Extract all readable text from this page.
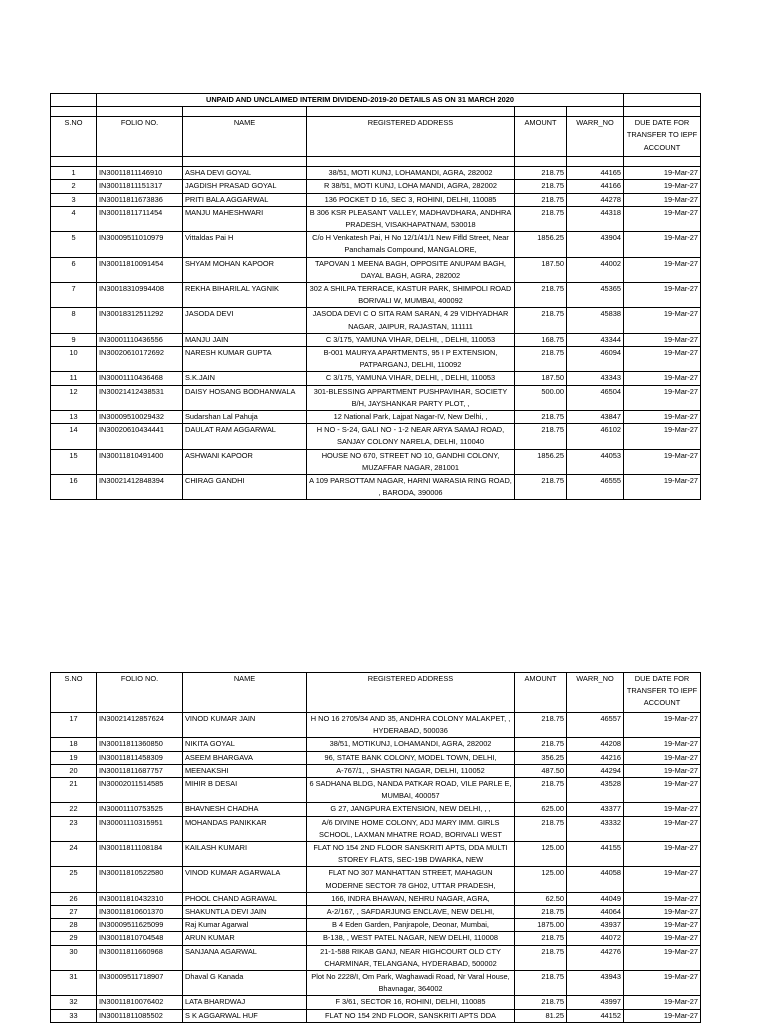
	UNPAID AND UNCLAIMED INTERIM DIVIDEND-2019-20 DETAILS AS ON 31 MARCH 2020					

S.NO	FOLIO NO.	NAME	REGISTERED ADDRESS	AMOUNT	WARR_NO	DUE DATE FOR TRANSFER TO IEPF ACCOUNT

1	IN30011811146910	ASHA DEVI GOYAL	38/51, MOTI KUNJ, LOHAMANDI, AGRA, 282002	218.75	44165	19-Mar-27
2	IN30011811151317	JAGDISH PRASAD GOYAL	R 38/51, MOTI KUNJ, LOHA MANDI, AGRA, 282002	218.75	44166	19-Mar-27
3	IN30011811673836	PRITI BALA AGGARWAL	136 POCKET D 16, SEC 3, ROHINI, DELHI, 110085	218.75	44278	19-Mar-27
4	IN30011811711454	MANJU MAHESHWARI	B 306 KSR PLEASANT VALLEY, MADHAVDHARA, ANDHRA PRADESH, VISAKHAPATNAM, 530018	218.75	44318	19-Mar-27
5	IN30009511010979	Vittaldas Pai H	C/o H Venkatesh Pai, H No 12/1/41/1 New Fifld Street, Near Panchamals Compound, MANGALORE,	1856.25	43904	19-Mar-27
6	IN30011810091454	SHYAM MOHAN KAPOOR	TAPOVAN 1 MEENA BAGH, OPPOSITE ANUPAM BAGH, DAYAL BAGH, AGRA, 282002	187.50	44002	19-Mar-27
7	IN30018310994408	REKHA BIHARILAL YAGNIK	302 A SHILPA TERRACE, KASTUR PARK, SHIMPOLI ROAD BORIVALI W, MUMBAI, 400092	218.75	45365	19-Mar-27
8	IN30018312511292	JASODA DEVI	JASODA DEVI C O SITA RAM SARAN, 4 29 VIDHYADHAR NAGAR, JAIPUR, RAJASTAN, 111111	218.75	45838	19-Mar-27
9	IN30001110436556	MANJU JAIN	C 3/175, YAMUNA VIHAR, DELHI, , DELHI, 110053	168.75	43344	19-Mar-27
10	IN30020610172692	NARESH KUMAR GUPTA	B-001 MAURYA APARTMENTS, 95 I P EXTENSION, PATPARGANJ, DELHI, 110092	218.75	46094	19-Mar-27
11	IN30001110436468	S.K.JAIN	C 3/175, YAMUNA VIHAR, DELHI, , DELHI, 110053	187.50	43343	19-Mar-27
12	IN30021412438531	DAISY HOSANG BODHANWALA	301-BLESSING APPARTMENT PUSHPAVIHAR, SOCIETY B/H, JAYSHANKAR PARTY PLOT, ,	500.00	46504	19-Mar-27
13	IN30009510029432	Sudarshan Lal Pahuja	12 National Park, Lajpat Nagar-IV, New Delhi, ,	218.75	43847	19-Mar-27
14	IN30020610434441	DAULAT RAM AGGARWAL	H NO - S-24, GALI NO - 1-2 NEAR ARYA SAMAJ ROAD, SANJAY COLONY NARELA, DELHI, 110040	218.75	46102	19-Mar-27
15	IN30011810491400	ASHWANI KAPOOR	HOUSE NO 670, STREET NO 10, GANDHI COLONY, MUZAFFAR NAGAR, 281001	1856.25	44053	19-Mar-27
16	IN30021412848394	CHIRAG GANDHI	A 109 PARSOTTAM NAGAR, HARNI WARASIA RING ROAD, , BARODA, 390006	218.75	46555	19-Mar-27
S.NO	FOLIO NO.	NAME	REGISTERED ADDRESS	AMOUNT	WARR_NO	DUE DATE FOR TRANSFER TO IEPF ACCOUNT
17	IN30021412857624	VINOD KUMAR JAIN	H NO 16 2705/34 AND 35, ANDHRA COLONY MALAKPET, , HYDERABAD, 500036	218.75	46557	19-Mar-27
18	IN30011811360850	NIKITA GOYAL	38/51, MOTIKUNJ, LOHAMANDI, AGRA, 282002	218.75	44208	19-Mar-27
19	IN30011811458309	ASEEM BHARGAVA	96, STATE BANK COLONY, MODEL TOWN, DELHI,	356.25	44216	19-Mar-27
20	IN30011811687757	MEENAKSHI	A-767/1, , SHASTRI NAGAR, DELHI, 110052	487.50	44294	19-Mar-27
21	IN30002011514585	MIHIR B DESAI	6 SADHANA BLDG, NANDA PATKAR ROAD, VILE PARLE E, MUMBAI, 400057	218.75	43528	19-Mar-27
22	IN30001110753525	BHAVNESH CHADHA	G 27, JANGPURA EXTENSION, NEW DELHI, , ,	625.00	43377	19-Mar-27
23	IN30001110315951	MOHANDAS PANIKKAR	A/6 DIVINE HOME COLONY, ADJ MARY IMM. GIRLS SCHOOL, LAXMAN MHATRE ROAD, BORIVALI WEST	218.75	43332	19-Mar-27
24	IN30011811108184	KAILASH KUMARI	FLAT NO 154 2ND FLOOR SANSKRITI APTS, DDA MULTI STOREY FLATS, SEC-19B DWARKA, NEW	125.00	44155	19-Mar-27
25	IN30011810522580	VINOD KUMAR AGARWALA	FLAT NO 307 MANHATTAN STREET, MAHAGUN MODERNE SECTOR 78 GH02, UTTAR PRADESH,	125.00	44058	19-Mar-27
26	IN30011810432310	PHOOL CHAND AGRAWAL	166, INDRA BHAWAN, NEHRU NAGAR, AGRA,	62.50	44049	19-Mar-27
27	IN30011810601370	SHAKUNTLA DEVI JAIN	A-2/167, , SAFDARJUNG ENCLAVE, NEW DELHI,	218.75	44064	19-Mar-27
28	IN30009511625099	Raj Kumar Agarwal	B 4 Eden Garden, Panjrapole, Deonar, Mumbai,	1875.00	43937	19-Mar-27
29	IN30011810704548	ARUN KUMAR	B-138, , WEST PATEL NAGAR, NEW DELHI, 110008	218.75	44072	19-Mar-27
30	IN30011811660968	SANJANA AGARWAL	21-1-588 RIKAB GANJ, NEAR HIGHCOURT OLD CTY CHARMINAR, TELANGANA, HYDERABAD, 500002	218.75	44276	19-Mar-27
31	IN30009511718907	Dhaval G Kanada	Plot No 2228/I, Om Park, Waghawadi Road, Nr Varal House, Bhavnagar, 364002	218.75	43943	19-Mar-27
32	IN30011810076402	LATA BHARDWAJ	F 3/61, SECTOR 16, ROHINI, DELHI, 110085	218.75	43997	19-Mar-27
33	IN30011811085502	S K AGGARWAL HUF	FLAT NO 154 2ND FLOOR, SANSKRITI APTS DDA	81.25	44152	19-Mar-27
